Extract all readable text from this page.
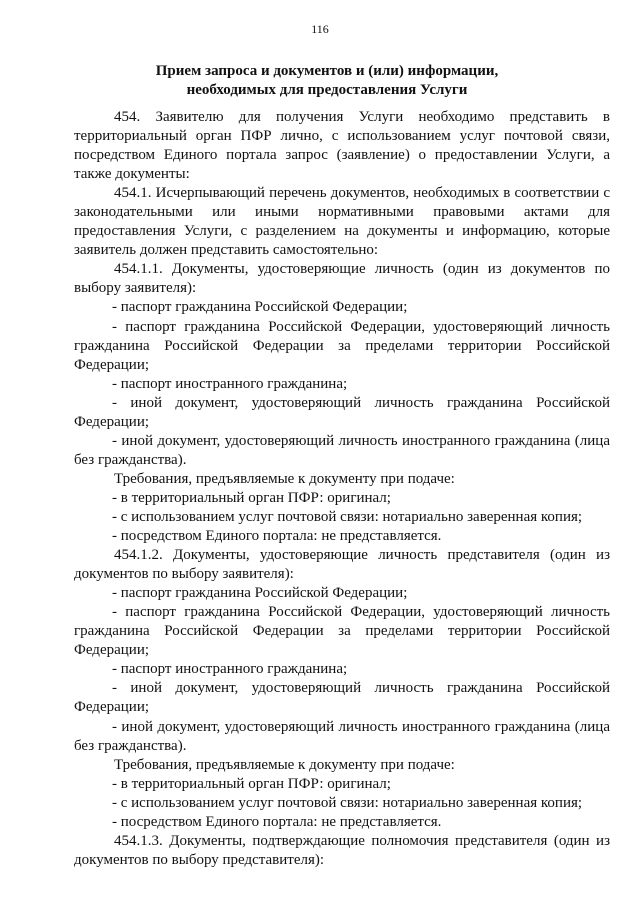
116
Прием запроса и документов и (или) информации, необходимых для предоставления Услуги

454. Заявителю для получения Услуги необходимо представить в территориальный орган ПФР лично, с использованием услуг почтовой связи, посредством Единого портала запрос (заявление) о предоставлении Услуги, а также документы:

454.1. Исчерпывающий перечень документов, необходимых в соответствии с законодательными или иными нормативными правовыми актами для предоставления Услуги, с разделением на документы и информацию, которые заявитель должен представить самостоятельно:

454.1.1. Документы, удостоверяющие личность (один из документов по выбору заявителя):

- паспорт гражданина Российской Федерации;

- паспорт гражданина Российской Федерации, удостоверяющий личность гражданина Российской Федерации за пределами территории Российской Федерации;

- паспорт иностранного гражданина;

- иной документ, удостоверяющий личность гражданина Российской Федерации;

- иной документ, удостоверяющий личность иностранного гражданина (лица без гражданства).

Требования, предъявляемые к документу при подаче:

- в территориальный орган ПФР: оригинал;

- с использованием услуг почтовой связи: нотариально заверенная копия;

- посредством Единого портала: не представляется.

454.1.2. Документы, удостоверяющие личность представителя (один из документов по выбору заявителя):

- паспорт гражданина Российской Федерации;

- паспорт гражданина Российской Федерации, удостоверяющий личность гражданина Российской Федерации за пределами территории Российской Федерации;

- паспорт иностранного гражданина;

- иной документ, удостоверяющий личность гражданина Российской Федерации;

- иной документ, удостоверяющий личность иностранного гражданина (лица без гражданства).

Требования, предъявляемые к документу при подаче:

- в территориальный орган ПФР: оригинал;

- с использованием услуг почтовой связи: нотариально заверенная копия;

- посредством Единого портала: не представляется.

454.1.3. Документы, подтверждающие полномочия представителя (один из документов по выбору представителя):
